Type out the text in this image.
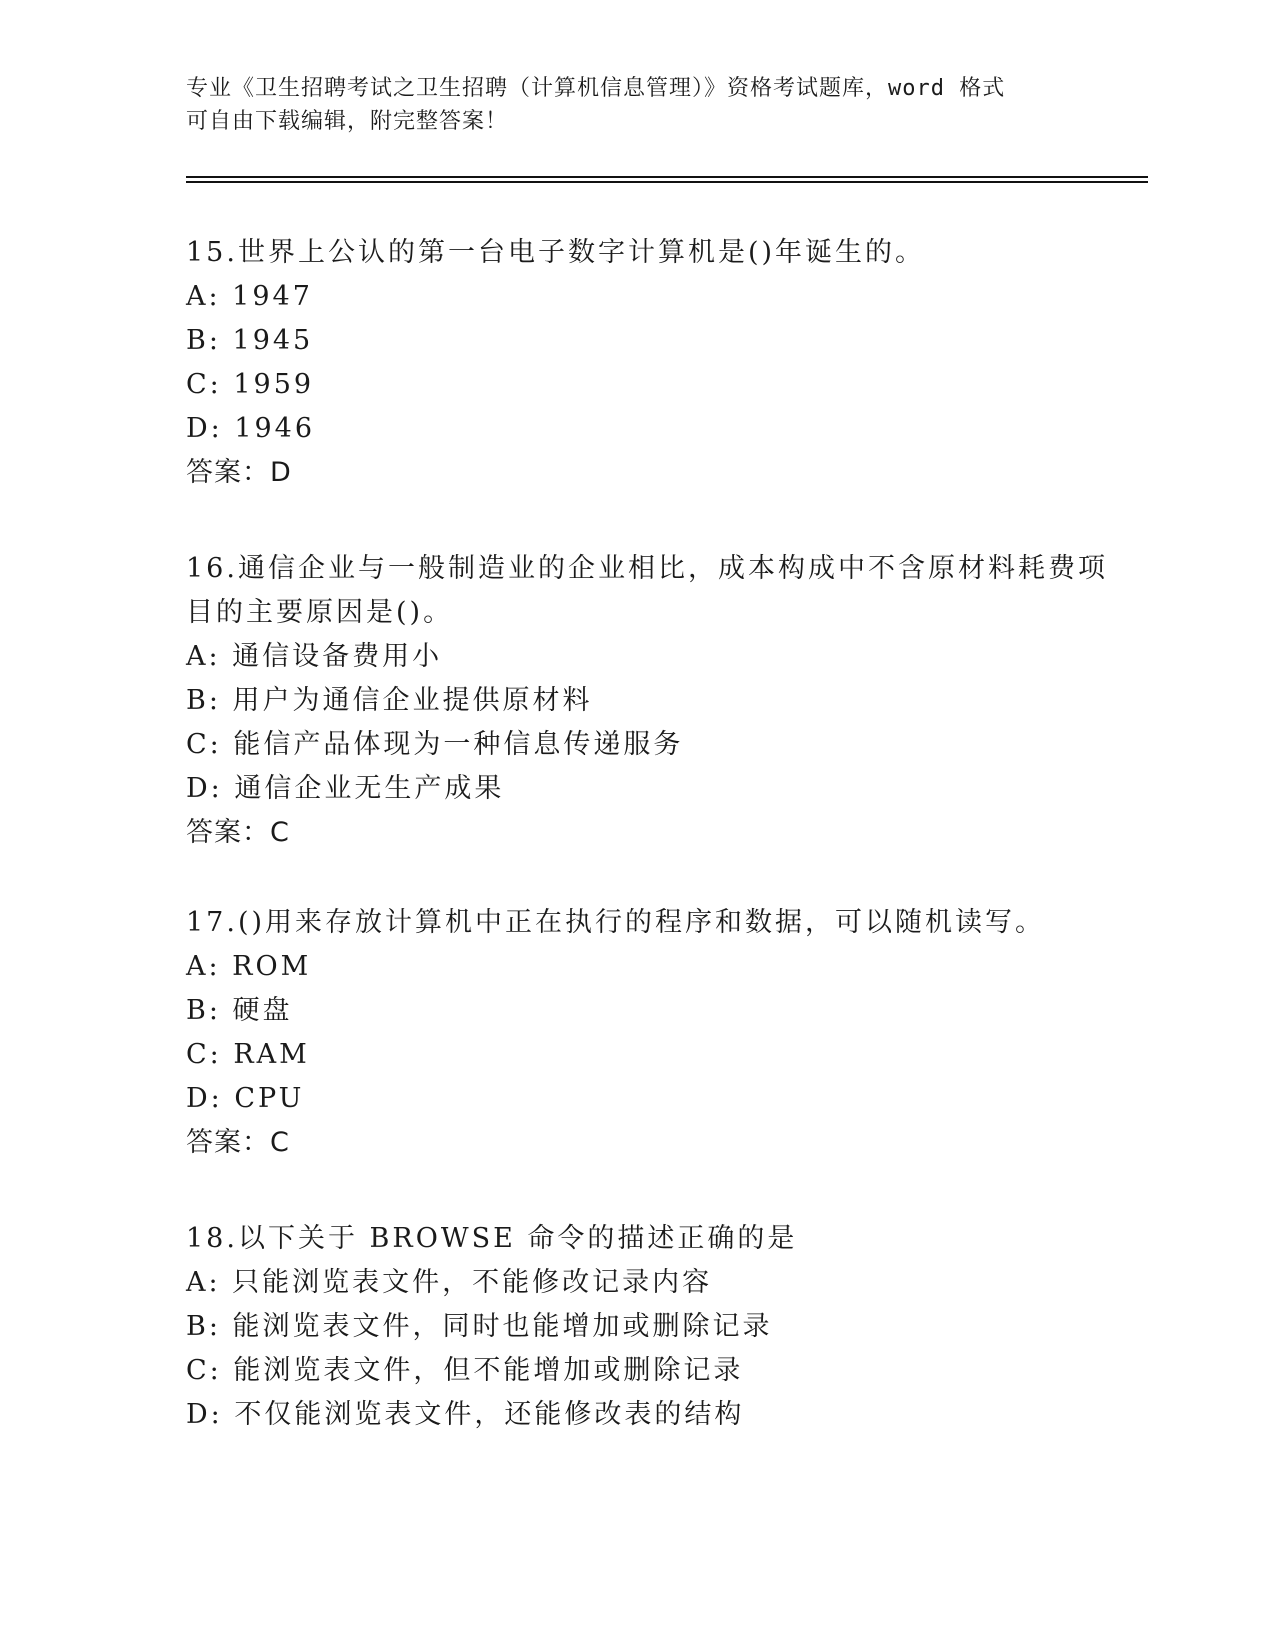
专业《卫生招聘考试之卫生招聘（计算机信息管理）》资格考试题库，word 格式
可自由下载编辑，附完整答案！
15.世界上公认的第一台电子数字计算机是()年诞生的。
A: 1947
B: 1945
C: 1959
D: 1946
答案：D
16.通信企业与一般制造业的企业相比，成本构成中不含原材料耗费项
目的主要原因是()。
A: 通信设备费用小
B: 用户为通信企业提供原材料
C: 能信产品体现为一种信息传递服务
D: 通信企业无生产成果
答案：C
17.()用来存放计算机中正在执行的程序和数据，可以随机读写。
A: ROM
B: 硬盘
C: RAM
D: CPU
答案：C
18.以下关于 BROWSE 命令的描述正确的是
A: 只能浏览表文件，不能修改记录内容
B: 能浏览表文件，同时也能增加或删除记录
C: 能浏览表文件，但不能增加或删除记录
D: 不仅能浏览表文件，还能修改表的结构
